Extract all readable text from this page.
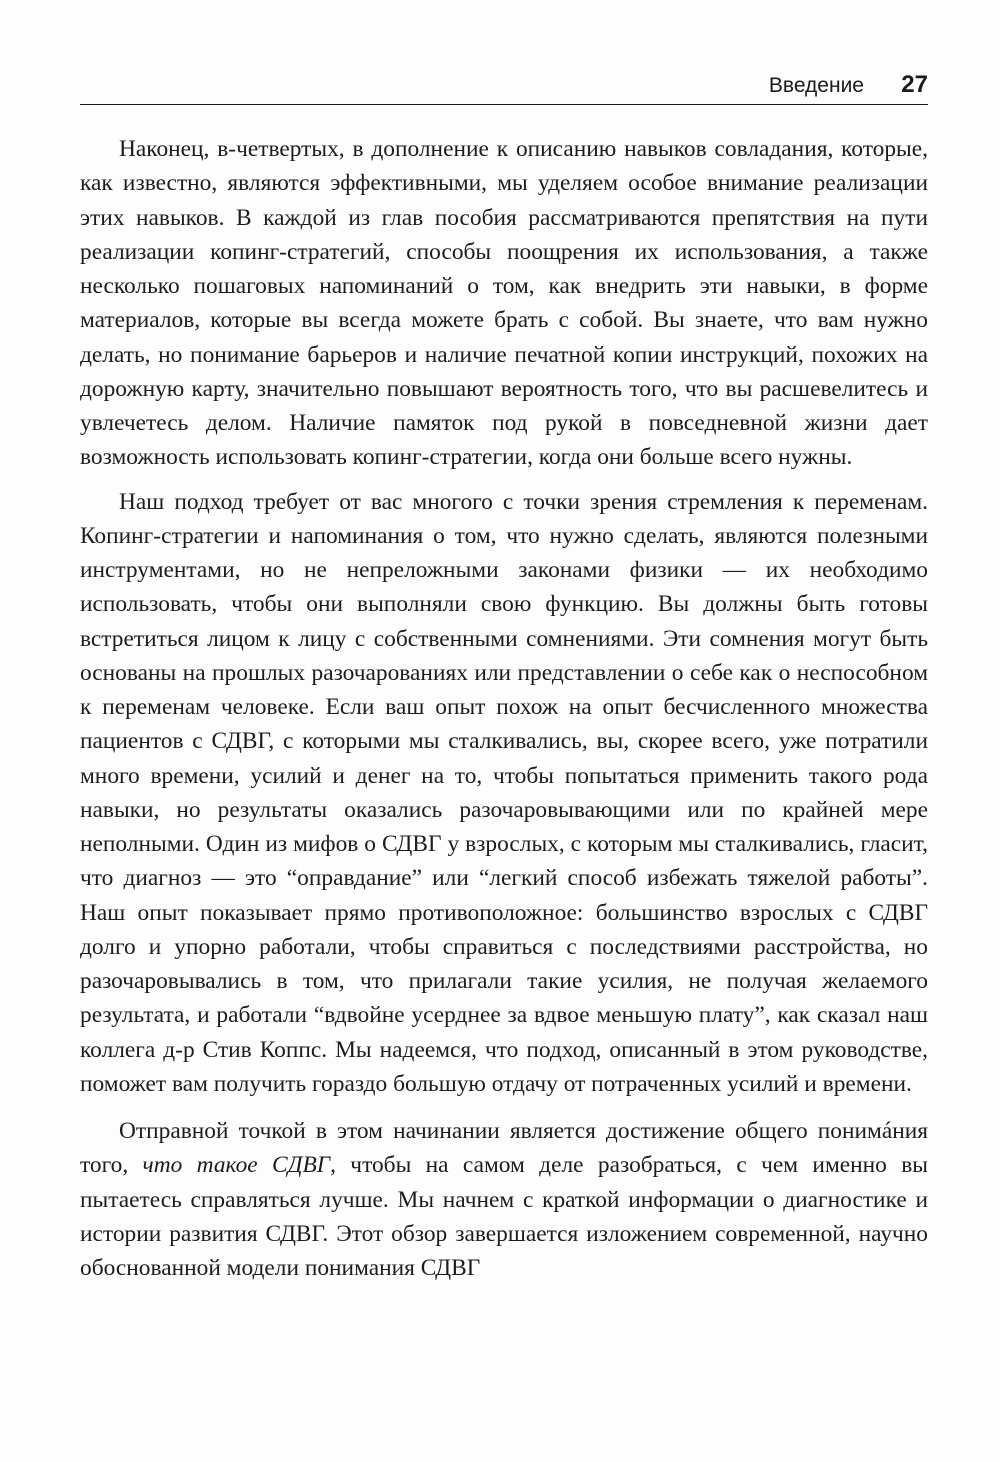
Введение 27

Наконец, в-четвертых, в дополнение к описанию навыков совладания, которые, как известно, являются эффективными, мы уделяем особое внимание реализации этих навыков. В каждой из глав пособия рассматриваются препятствия на пути реализации копинг-стратегий, способы поощрения их использования, а также несколько пошаговых напоминаний о том, как внедрить эти навыки, в форме материалов, которые вы всегда можете брать с собой. Вы знаете, что вам нужно делать, но понимание барьеров и наличие печатной копии инструкций, похожих на дорожную карту, значительно повышают вероятность того, что вы расшевелитесь и увлечетесь делом. Наличие памяток под рукой в повседневной жизни дает возможность использовать копинг-стратегии, когда они больше всего нужны.

Наш подход требует от вас многого с точки зрения стремления к переменам. Копинг-стратегии и напоминания о том, что нужно сделать, являются полезными инструментами, но не непреложными законами физики — их необходимо использовать, чтобы они выполняли свою функцию. Вы должны быть готовы встретиться лицом к лицу с собственными сомнениями. Эти сомнения могут быть основаны на прошлых разочарованиях или представлении о себе как о неспособном к переменам человеке. Если ваш опыт похож на опыт бесчисленного множества пациентов с СДВГ, с которыми мы сталкивались, вы, скорее всего, уже потратили много времени, усилий и денег на то, чтобы попытаться применить такого рода навыки, но результаты оказались разочаровывающими или по крайней мере неполными. Один из мифов о СДВГ у взрослых, с которым мы сталкивались, гласит, что диагноз — это “оправдание” или “легкий способ избежать тяжелой работы”. Наш опыт показывает прямо противоположное: большинство взрослых с СДВГ долго и упорно работали, чтобы справиться с последствиями расстройства, но разочаровывались в том, что прилагали такие усилия, не получая желаемого результата, и работали “вдвойне усерднее за вдвое меньшую плату”, как сказал наш коллега д-р Стив Коппс. Мы надеемся, что подход, описанный в этом руководстве, поможет вам получить гораздо большую отдачу от потраченных усилий и времени.

Отправной точкой в этом начинании является достижение общего понимáния того, что такое СДВГ, чтобы на самом деле разобраться, с чем именно вы пытаетесь справляться лучше. Мы начнем с краткой информации о диагностике и истории развития СДВГ. Этот обзор завершается изложением современной, научно обоснованной модели понимания СДВГ
